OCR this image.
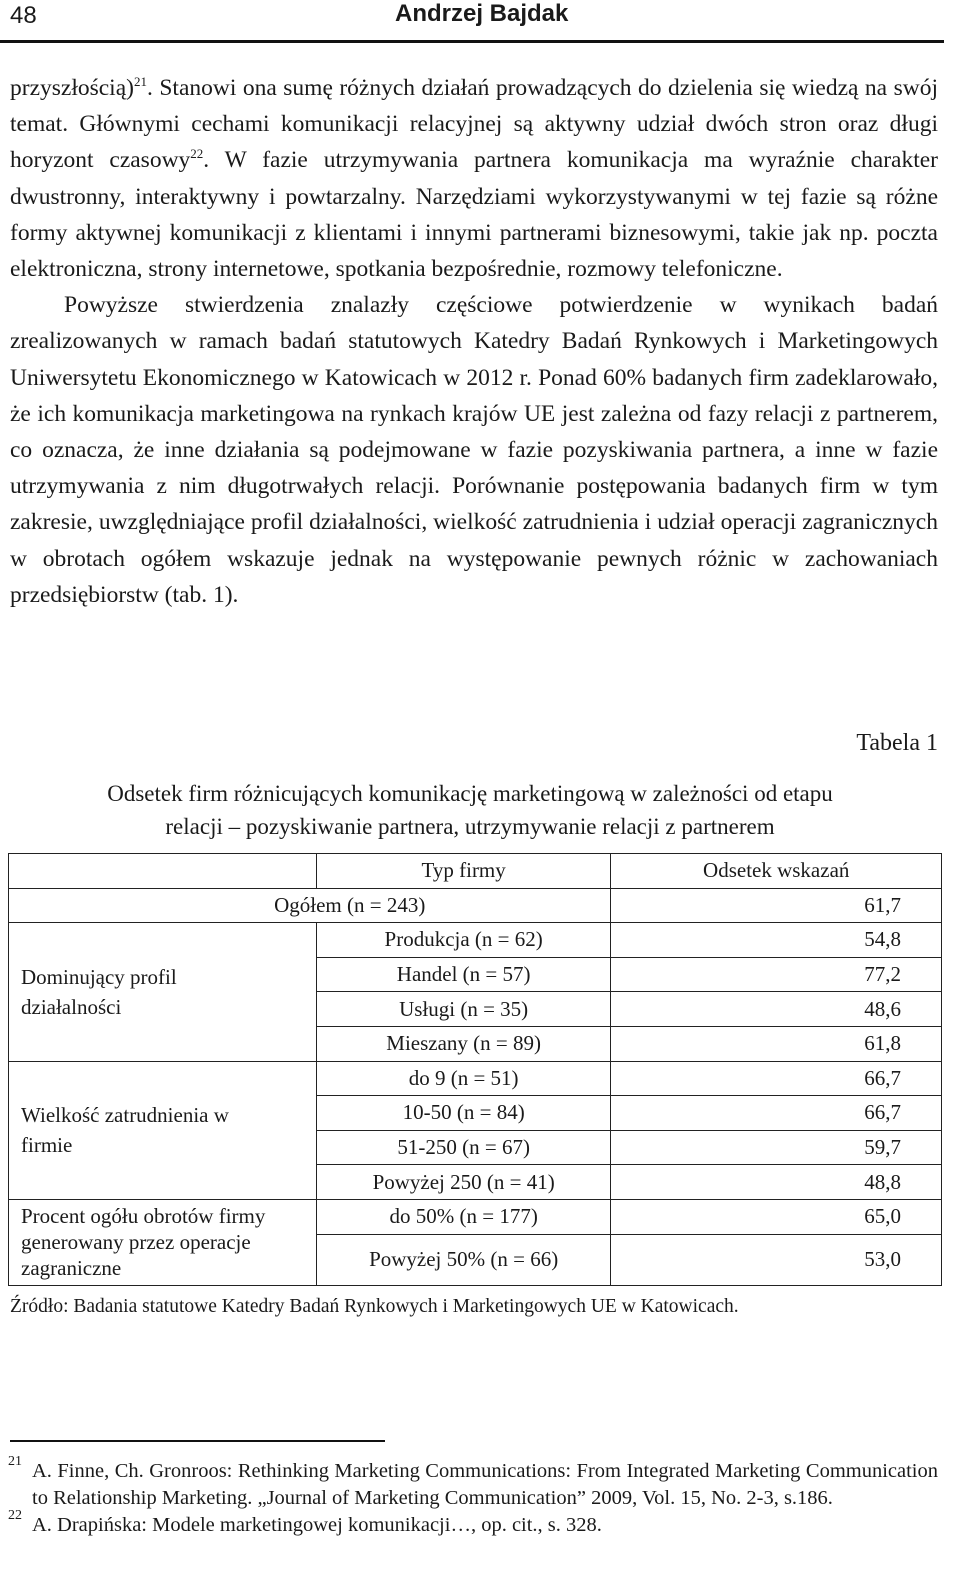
48	Andrzej Bajdak

przyszłością)$^{21}$. Stanowi ona sumę różnych działań prowadzących do dzielenia się wiedzą na swój temat. Głównymi cechami komunikacji relacyjnej są aktywny udział dwóch stron oraz długi horyzont czasowy$^{22}$. W fazie utrzymywania partnera komunikacja ma wyraźnie charakter dwustronny, interaktywny i powtarzalny. Narzędziami wykorzystywanymi w tej fazie są różne formy aktywnej komunikacji z klientami i innymi partnerami biznesowymi, takie jak np. poczta elektroniczna, strony internetowe, spotkania bezpośrednie, rozmowy telefoniczne.

Powyższe stwierdzenia znalazły częściowe potwierdzenie w wynikach badań zrealizowanych w ramach badań statutowych Katedry Badań Rynkowych i Marketingowych Uniwersytetu Ekonomicznego w Katowicach w 2012 r. Ponad 60% badanych firm zadeklarowało, że ich komunikacja marketingowa na rynkach krajów UE jest zależna od fazy relacji z partnerem, co oznacza, że inne działania są podejmowane w fazie pozyskiwania partnera, a inne w fazie utrzymywania z nim długotrwałych relacji. Porównanie postępowania badanych firm w tym zakresie, uwzględniające profil działalności, wielkość zatrudnienia i udział operacji zagranicznych w obrotach ogółem wskazuje jednak na występowanie pewnych różnic w zachowaniach przedsiębiorstw (tab. 1).

Tabela 1
Odsetek firm różnicujących komunikację marketingową w zależności od etapu
relacji – pozyskiwanie partnera, utrzymywanie relacji z partnerem
	Typ firmy	Odsetek wskazań
Ogółem (n = 243)		61,7
Dominujący profil działalności	Produkcja (n = 62)	54,8
	Handel (n = 57)	77,2
	Usługi (n = 35)	48,6
	Mieszany (n = 89)	61,8
Wielkość zatrudnienia w firmie	do 9 (n = 51)	66,7
	10-50 (n = 84)	66,7
	51-250 (n = 67)	59,7
	Powyżej 250 (n = 41)	48,8
Procent ogółu obrotów firmy generowany przez operacje zagraniczne	do 50% (n = 177)	65,0
	Powyżej 50% (n = 66)	53,0
Źródło: Badania statutowe Katedry Badań Rynkowych i Marketingowych UE w Katowicach.
21 A. Finne, Ch. Gronroos: Rethinking Marketing Communications: From Integrated Marketing Communication to Relationship Marketing. „Journal of Marketing Communication” 2009, Vol. 15, No. 2-3, s.186.
22 A. Drapińska: Modele marketingowej komunikacji…, op. cit., s. 328.
